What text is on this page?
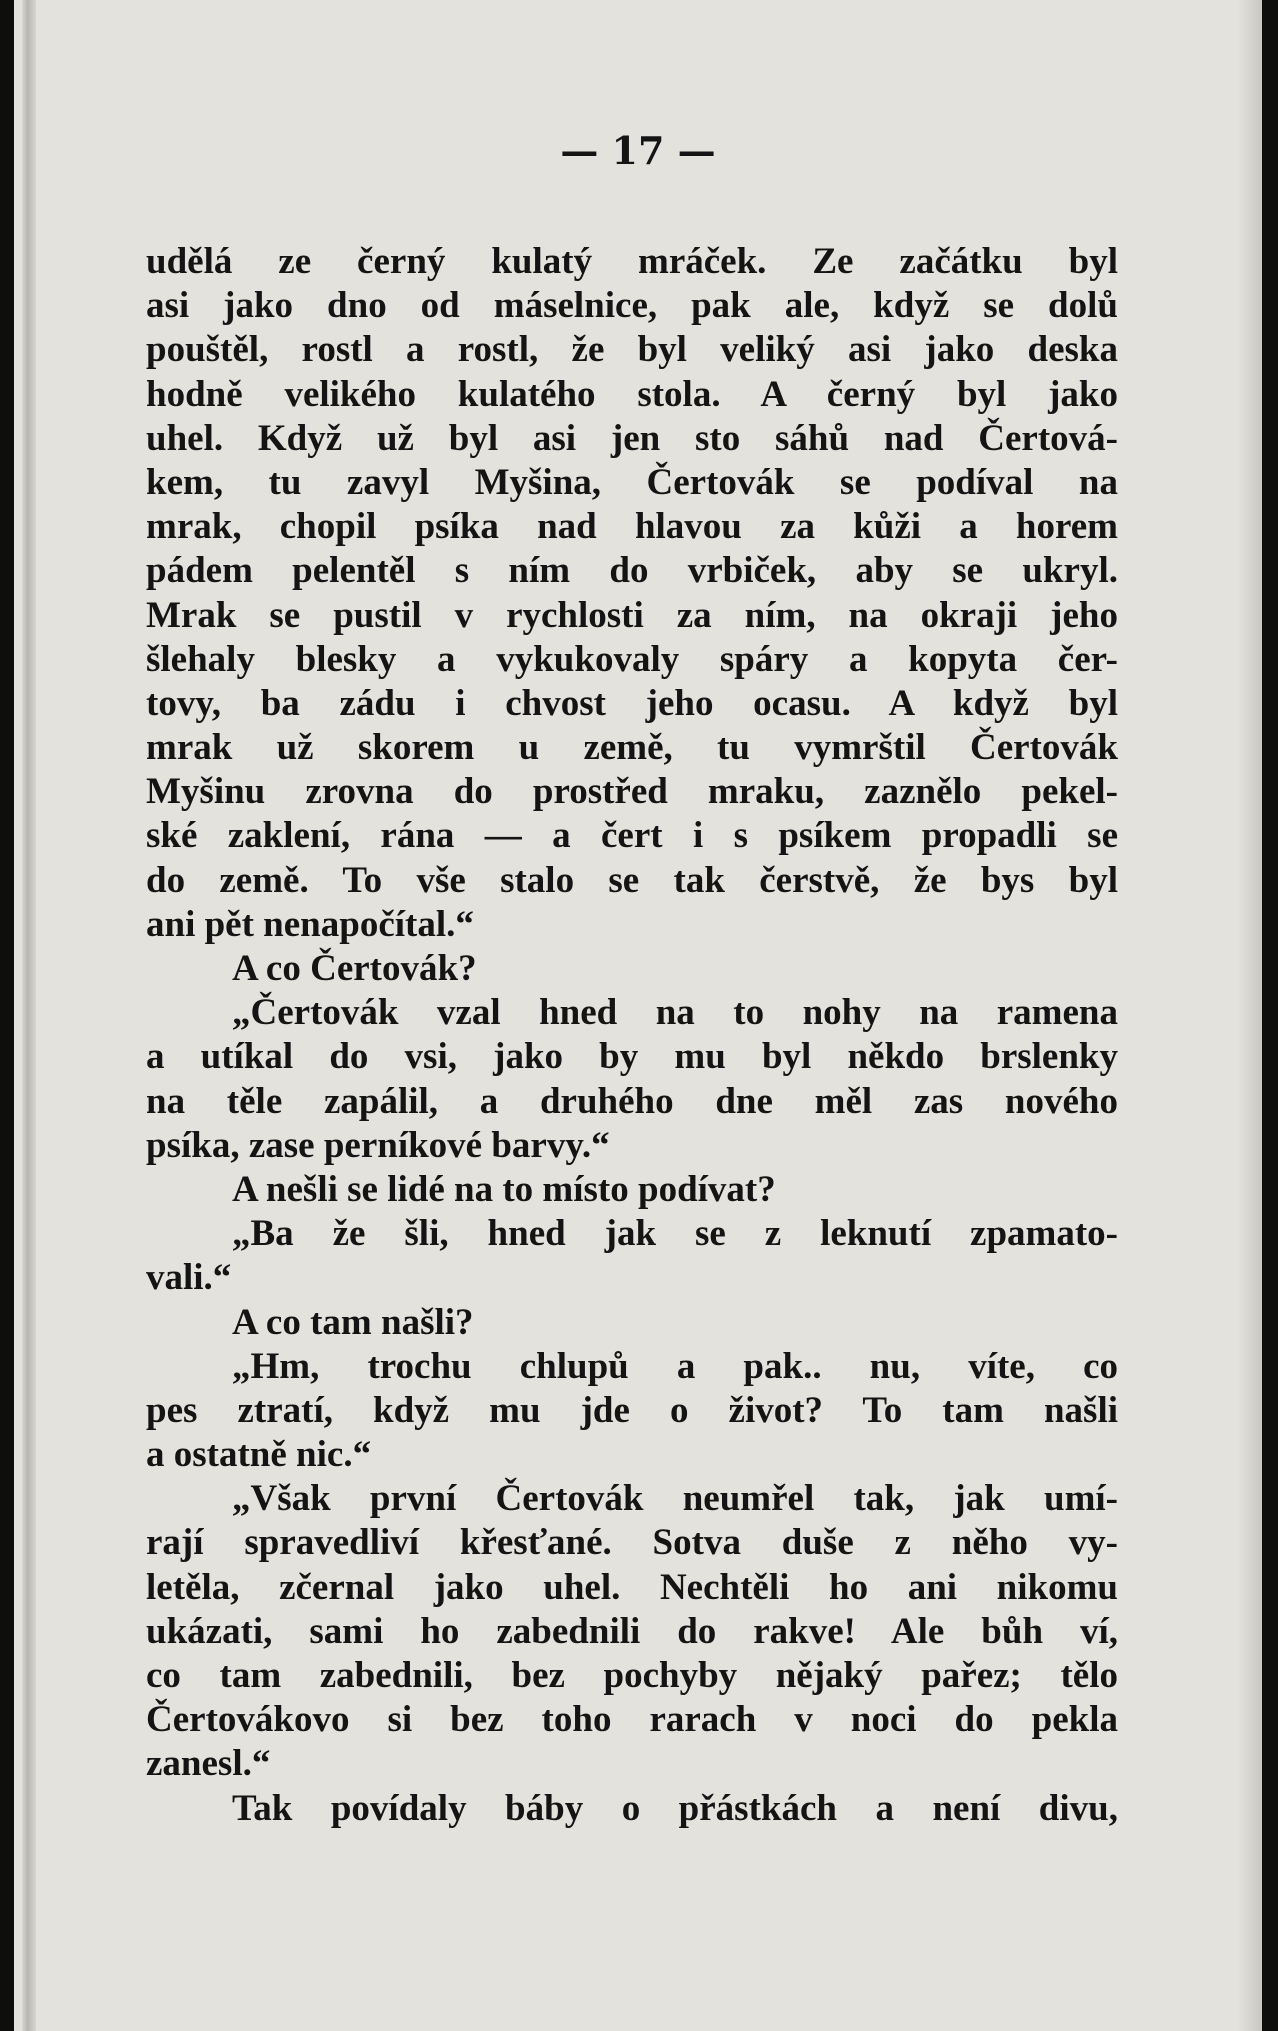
— 17 —
udělá ze černý kulatý mráček. Ze začátku byl
asi jako dno od máselnice, pak ale, když se dolů
pouštěl, rostl a rostl, že byl veliký asi jako deska
hodně velikého kulatého stola. A černý byl jako
uhel. Když už byl asi jen sto sáhů nad Čertová-
kem, tu zavyl Myšina, Čertovák se podíval na
mrak, chopil psíka nad hlavou za kůži a horem
pádem pelentěl s ním do vrbiček, aby se ukryl.
Mrak se pustil v rychlosti za ním, na okraji jeho
šlehaly blesky a vykukovaly spáry a kopyta čer-
tovy, ba zádu i chvost jeho ocasu. A když byl
mrak už skorem u země, tu vymrštil Čertovák
Myšinu zrovna do prostřed mraku, zaznělo pekel-
ské zaklení, rána — a čert i s psíkem propadli se
do země. To vše stalo se tak čerstvě, že bys byl
ani pět nenapočítal.“
A co Čertovák?
„Čertovák vzal hned na to nohy na ramena
a utíkal do vsi, jako by mu byl někdo brslenky
na těle zapálil, a druhého dne měl zas nového
psíka, zase perníkové barvy.“
A nešli se lidé na to místo podívat?
„Ba že šli, hned jak se z leknutí zpamato-
vali.“
A co tam našli?
„Hm, trochu chlupů a pak.. nu, víte, co
pes ztratí, když mu jde o život? To tam našli
a ostatně nic.“
„Však první Čertovák neumřel tak, jak umí-
rají spravedliví křesťané. Sotva duše z něho vy-
letěla, zčernal jako uhel. Nechtěli ho ani nikomu
ukázati, sami ho zabednili do rakve! Ale bůh ví,
co tam zabednili, bez pochyby nějaký pařez; tělo
Čertovákovo si bez toho rarach v noci do pekla
zanesl.“
Tak povídaly báby o přástkách a není divu,
